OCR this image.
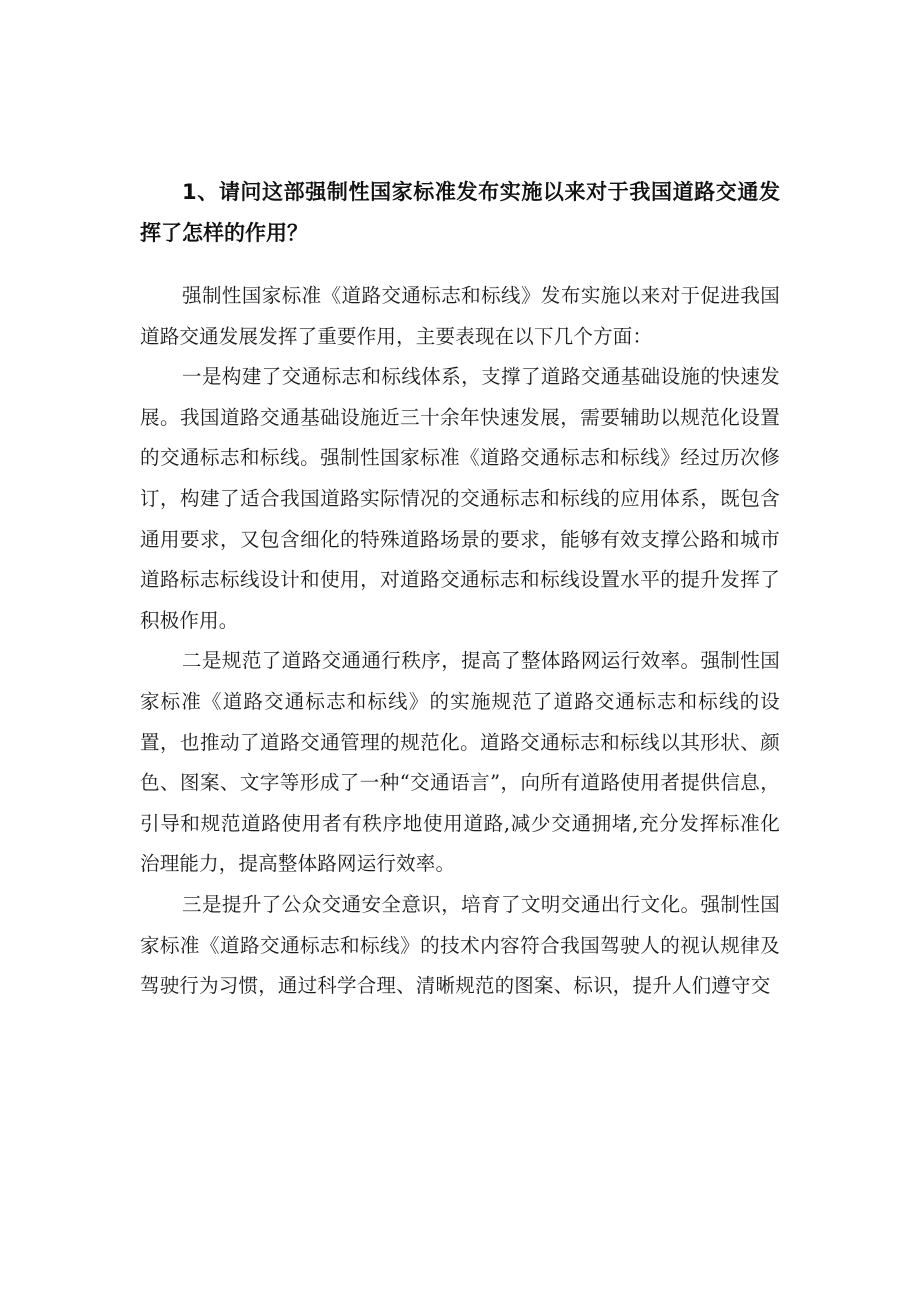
1、请问这部强制性国家标准发布实施以来对于我国道路交通发挥了怎样的作用？

强制性国家标准《道路交通标志和标线》发布实施以来对于促进我国道路交通发展发挥了重要作用，主要表现在以下几个方面：

一是构建了交通标志和标线体系，支撑了道路交通基础设施的快速发展。我国道路交通基础设施近三十余年快速发展，需要辅助以规范化设置的交通标志和标线。强制性国家标准《道路交通标志和标线》经过历次修订，构建了适合我国道路实际情况的交通标志和标线的应用体系，既包含通用要求，又包含细化的特殊道路场景的要求，能够有效支撑公路和城市道路标志标线设计和使用，对道路交通标志和标线设置水平的提升发挥了积极作用。

二是规范了道路交通通行秩序，提高了整体路网运行效率。强制性国家标准《道路交通标志和标线》的实施规范了道路交通标志和标线的设置，也推动了道路交通管理的规范化。道路交通标志和标线以其形状、颜色、图案、文字等形成了一种“交通语言”，向所有道路使用者提供信息，引导和规范道路使用者有秩序地使用道路,减少交通拥堵,充分发挥标准化治理能力，提高整体路网运行效率。

三是提升了公众交通安全意识，培育了文明交通出行文化。强制性国家标准《道路交通标志和标线》的技术内容符合我国驾驶人的视认规律及驾驶行为习惯，通过科学合理、清晰规范的图案、标识，提升人们遵守交
